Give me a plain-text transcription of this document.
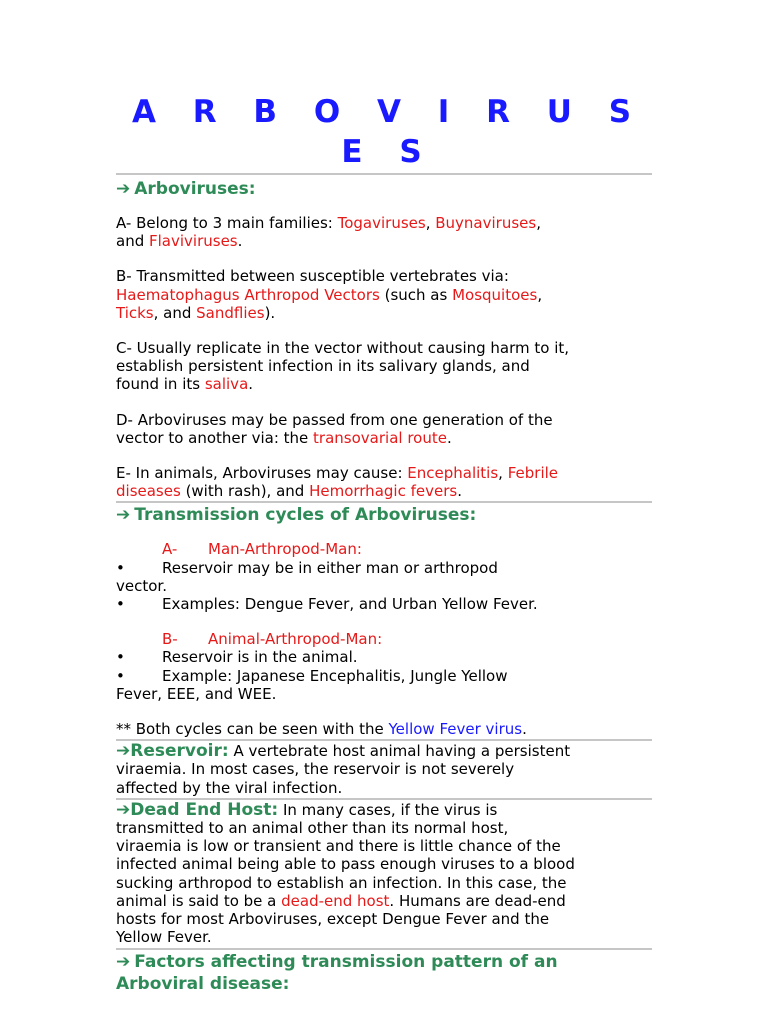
A R B O V I R U S E S
➔ Arboviruses:

A- Belong to 3 main families: Togaviruses, Buynaviruses,
and Flaviviruses.

B- Transmitted between susceptible vertebrates via:
Haematophagus Arthropod Vectors (such as Mosquitoes,
Ticks, and Sandflies).

C- Usually replicate in the vector without causing harm to it,
establish persistent infection in its salivary glands, and
found in its saliva.

D- Arboviruses may be passed from one generation of the
vector to another via: the transovarial route.

E- In animals, Arboviruses may cause: Encephalitis, Febrile
diseases (with rash), and Hemorrhagic fevers.

➔ Transmission cycles of Arboviruses:

A- Man-Arthropod-Man:
• Reservoir may be in either man or arthropod
vector.
• Examples: Dengue Fever, and Urban Yellow Fever.

B- Animal-Arthropod-Man:
• Reservoir is in the animal.
• Example: Japanese Encephalitis, Jungle Yellow
Fever, EEE, and WEE.

** Both cycles can be seen with the Yellow Fever virus.

➔Reservoir: A vertebrate host animal having a persistent
viraemia. In most cases, the reservoir is not severely
affected by the viral infection.

➔Dead End Host: In many cases, if the virus is
transmitted to an animal other than its normal host,
viraemia is low or transient and there is little chance of the
infected animal being able to pass enough viruses to a blood
sucking arthropod to establish an infection. In this case, the
animal is said to be a dead-end host. Humans are dead-end
hosts for most Arboviruses, except Dengue Fever and the
Yellow Fever.

➔ Factors affecting transmission pattern of an
Arboviral disease:
